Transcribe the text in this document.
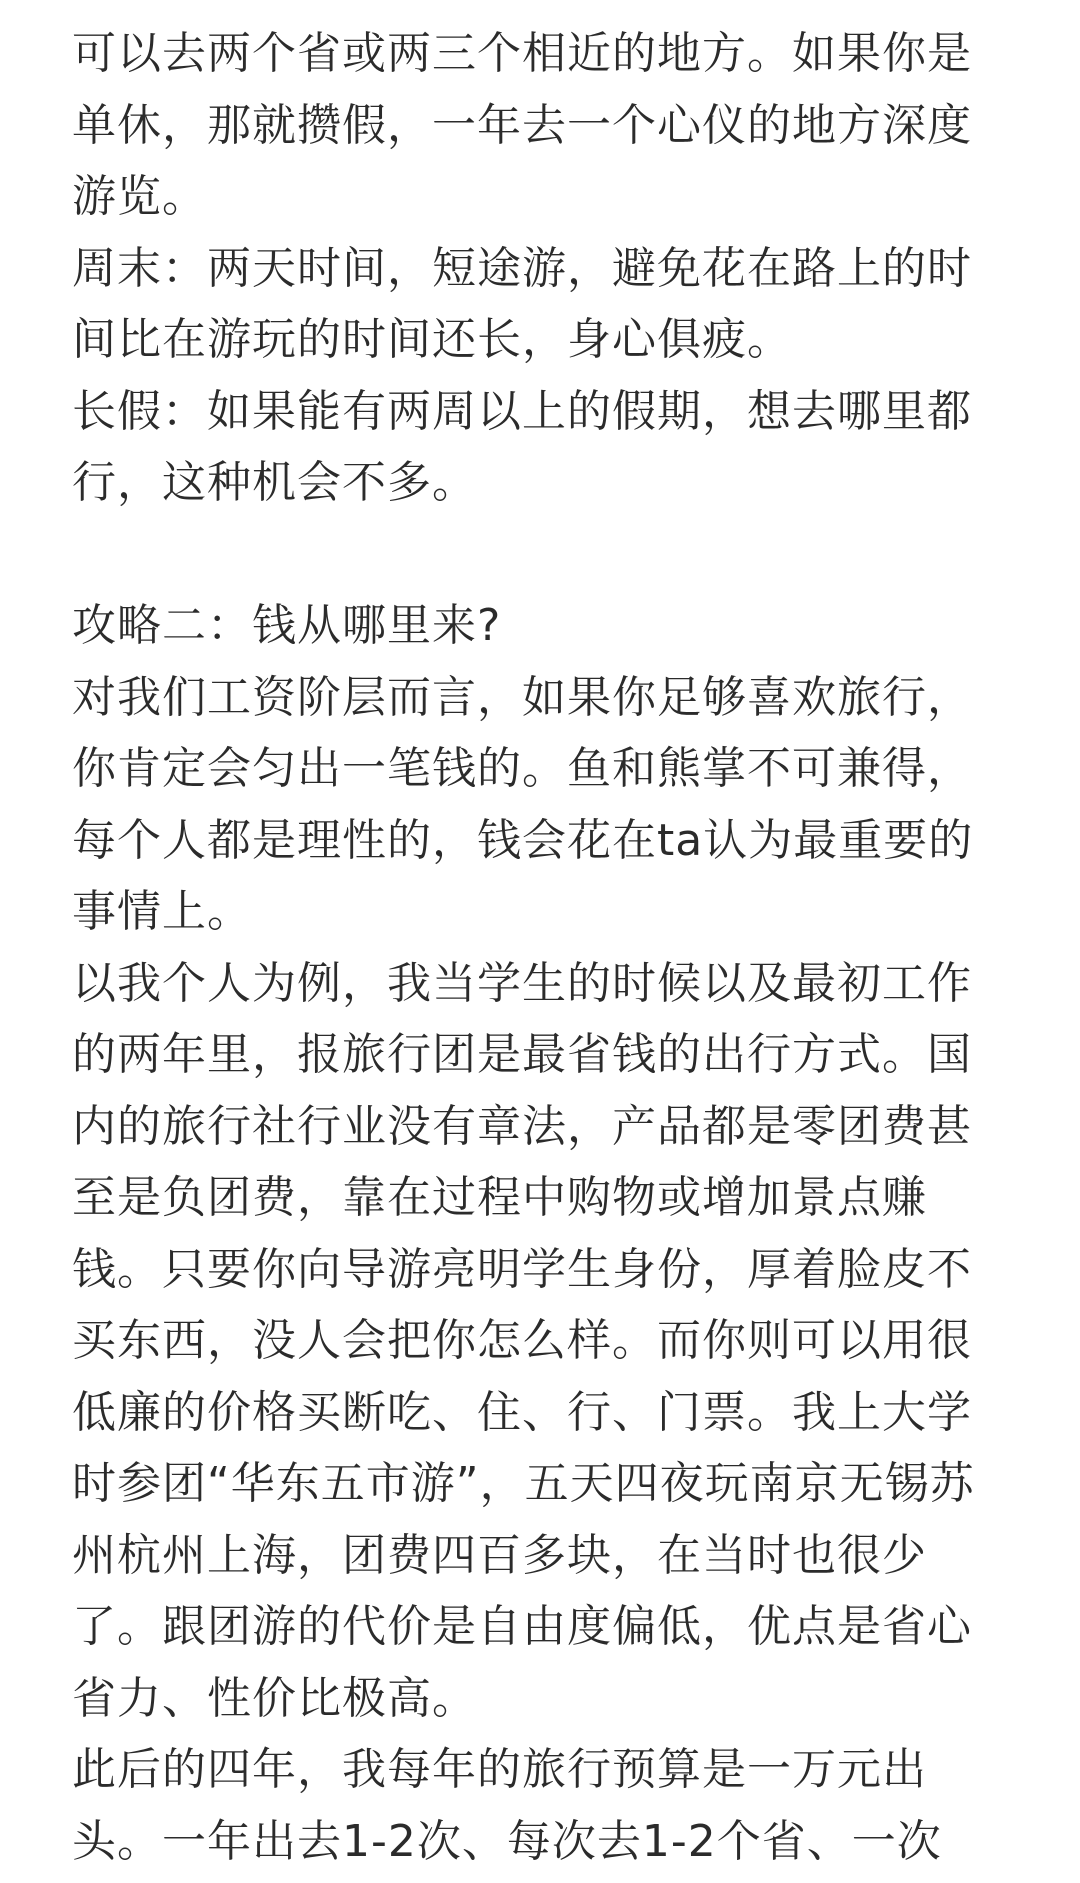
可以去两个省或两三个相近的地方。如果你是
单休，那就攒假，一年去一个心仪的地方深度
游览。
周末：两天时间，短途游，避免花在路上的时
间比在游玩的时间还长，身心俱疲。
长假：如果能有两周以上的假期，想去哪里都
行，这种机会不多。
攻略二：钱从哪里来?
对我们工资阶层而言，如果你足够喜欢旅行，
你肯定会匀出一笔钱的。鱼和熊掌不可兼得，
每个人都是理性的，钱会花在ta认为最重要的
事情上。
以我个人为例，我当学生的时候以及最初工作
的两年里，报旅行团是最省钱的出行方式。国
内的旅行社行业没有章法，产品都是零团费甚
至是负团费，靠在过程中购物或增加景点赚
钱。只要你向导游亮明学生身份，厚着脸皮不
买东西，没人会把你怎么样。而你则可以用很
低廉的价格买断吃、住、行、门票。我上大学
时参团“华东五市游”，五天四夜玩南京无锡苏
州杭州上海，团费四百多块，在当时也很少
了。跟团游的代价是自由度偏低，优点是省心
省力、性价比极高。
此后的四年，我每年的旅行预算是一万元出
头。一年出去1-2次、每次去1-2个省、一次
